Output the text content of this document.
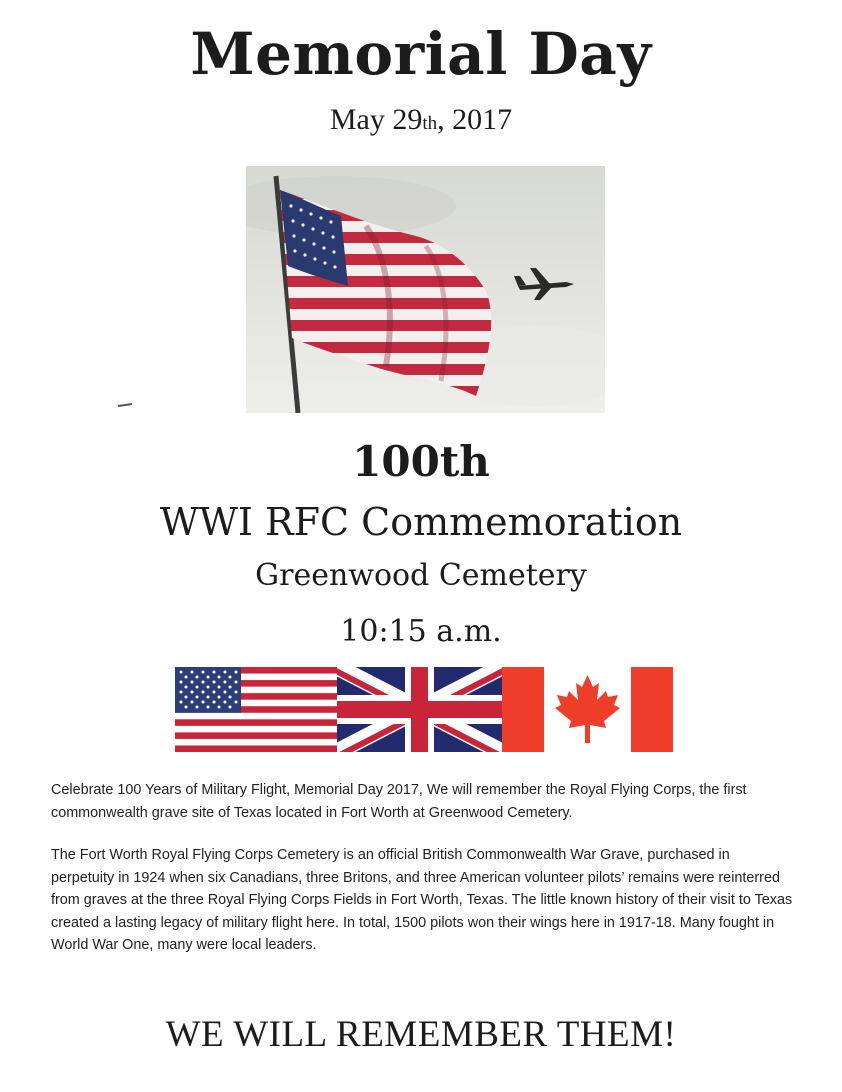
Memorial Day
May 29th, 2017
100th
WWI RFC Commemoration
Greenwood Cemetery
10:15 a.m.

Celebrate 100 Years of Military Flight, Memorial Day 2017, We will remember the Royal Flying Corps, the first commonwealth grave site of Texas located in Fort Worth at Greenwood Cemetery.

The Fort Worth Royal Flying Corps Cemetery is an official British Commonwealth War Grave, purchased in perpetuity in 1924 when six Canadians, three Britons, and three American volunteer pilots’ remains were reinterred from graves at the three Royal Flying Corps Fields in Fort Worth, Texas. The little known history of their visit to Texas created a lasting legacy of military flight here. In total, 1500 pilots won their wings here in 1917-18. Many fought in World War One, many were local leaders.

WE WILL REMEMBER THEM!
